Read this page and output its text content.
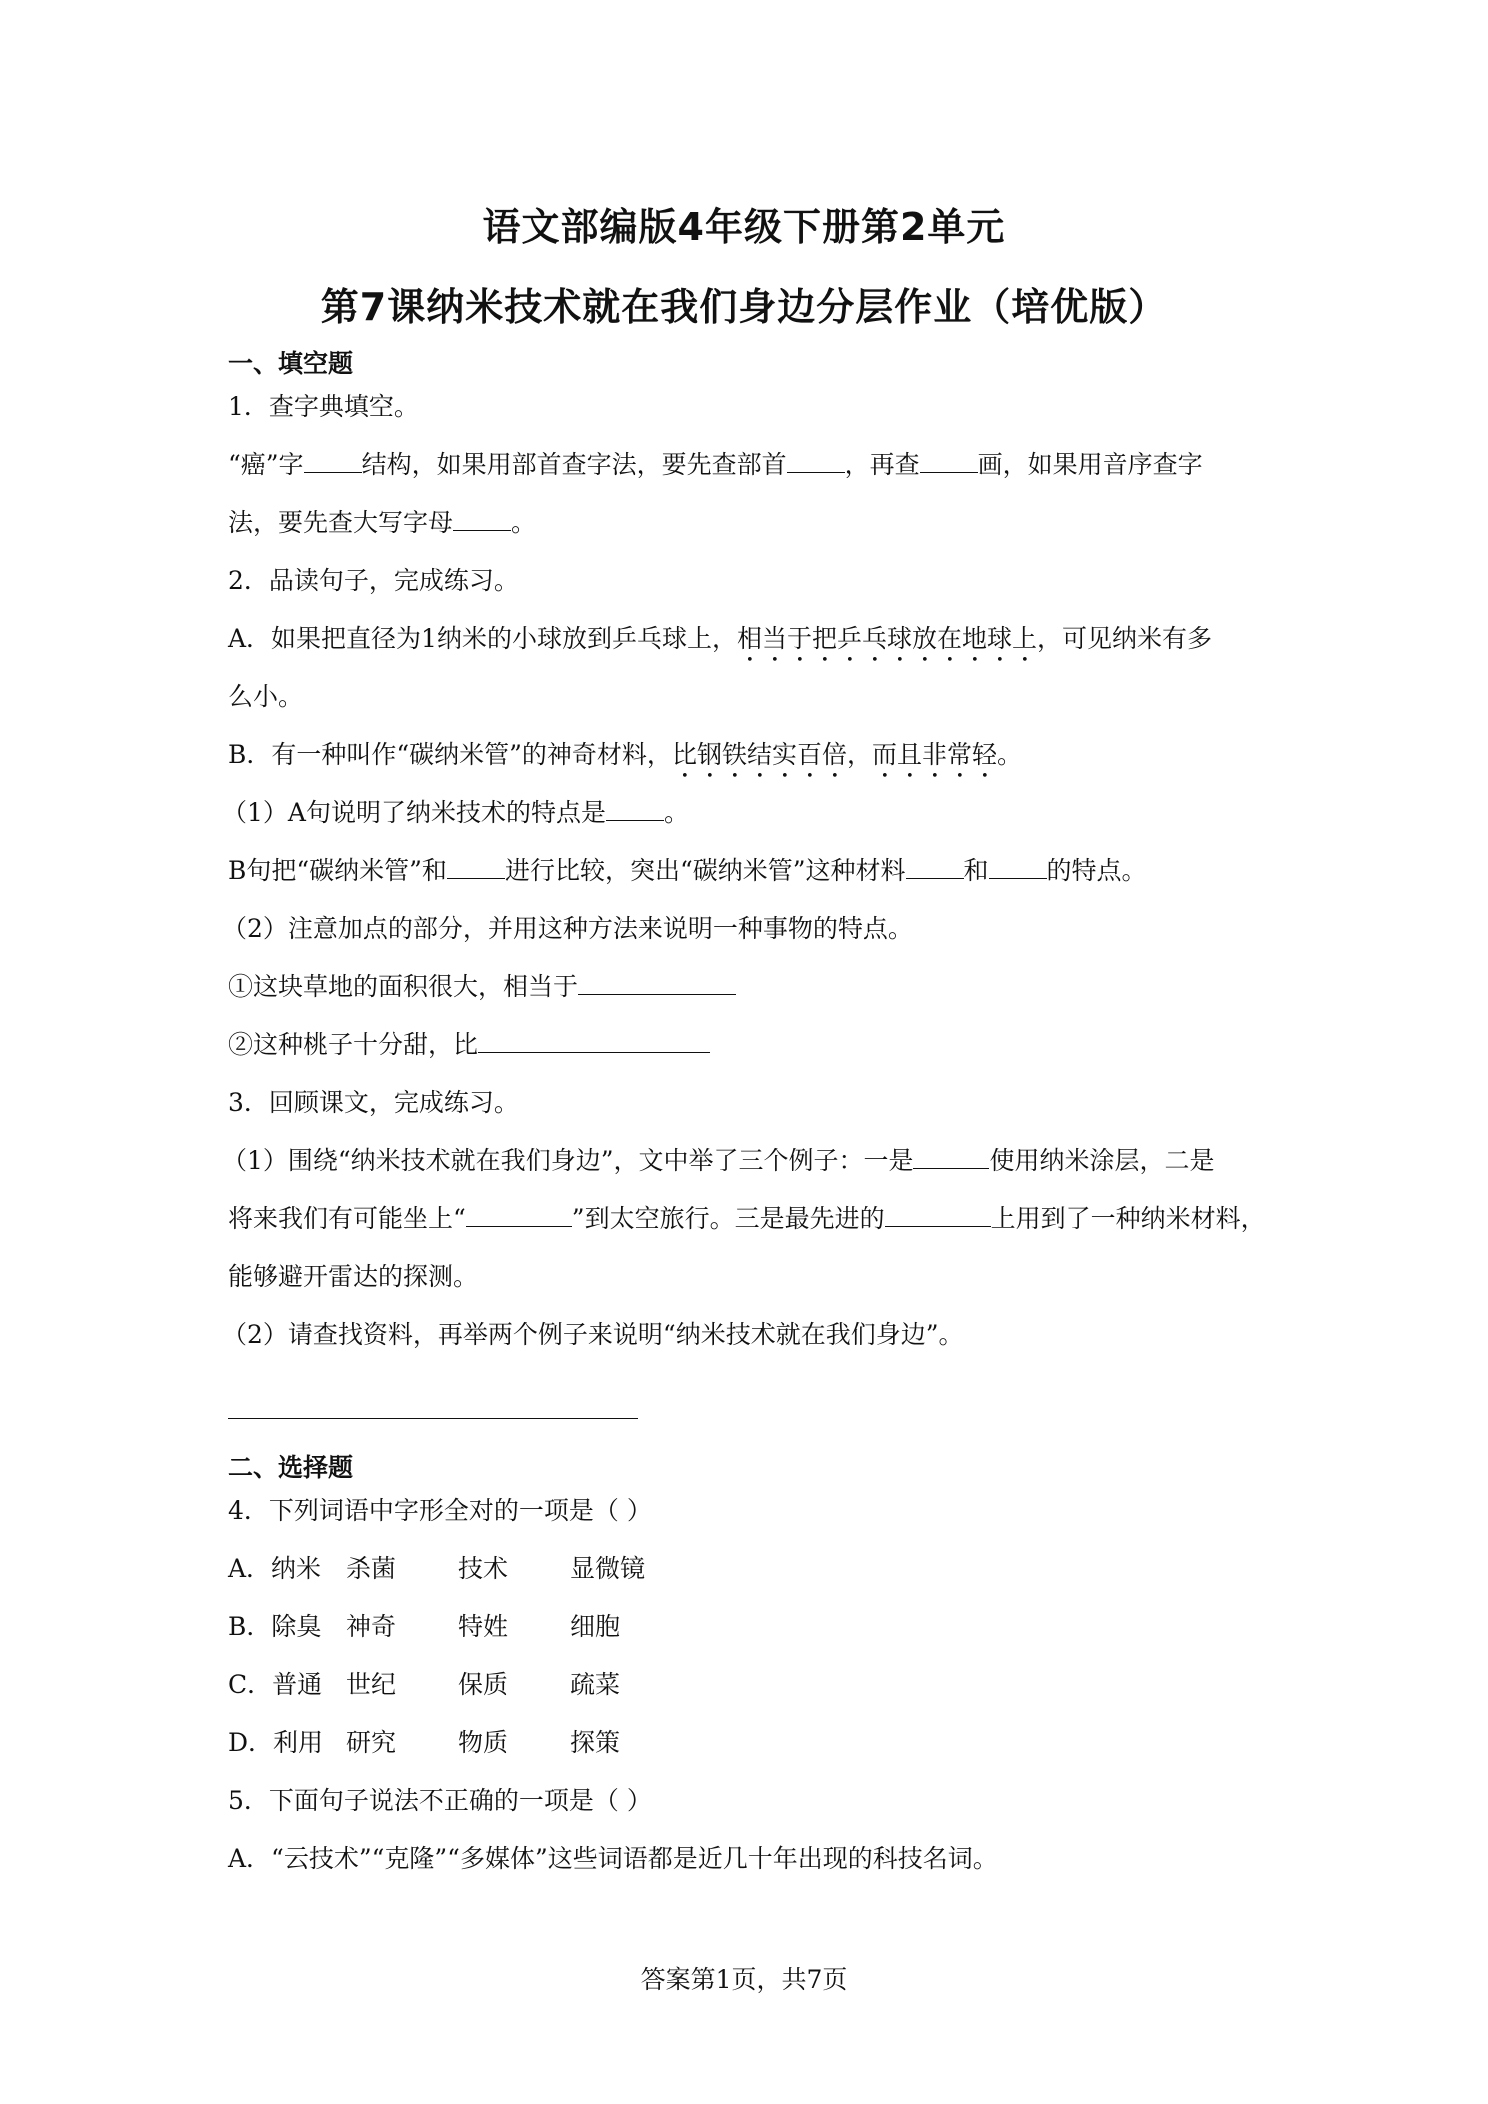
语文部编版4年级下册第2单元
第7课纳米技术就在我们身边分层作业（培优版）
一、填空题
1．查字典填空。
“癌”字 结构，如果用部首查字法，要先查部首 ，再查 画，如果用音序查字
法，要先查大写字母 。
2．品读句子，完成练习。
A．如果把直径为1纳米的小球放到乒乓球上，相当于把乒乓球放在地球上，可见纳米有多
么小。
B．有一种叫作“碳纳米管”的神奇材料，比钢铁结实百倍，而且非常轻。
（1）A句说明了纳米技术的特点是 。
B句把“碳纳米管”和 进行比较，突出“碳纳米管”这种材料 和 的特点。
（2）注意加点的部分，并用这种方法来说明一种事物的特点。
①这块草地的面积很大，相当于
②这种桃子十分甜，比
3．回顾课文，完成练习。
（1）围绕“纳米技术就在我们身边”，文中举了三个例子：一是	使用纳米涂层，二是
将来我们有可能坐上“	”到太空旅行。三是最先进的	上用到了一种纳米材料，
能够避开雷达的探测。
（2）请查找资料，再举两个例子来说明“纳米技术就在我们身边”。
二、选择题
4．下列词语中字形全对的一项是（ ）
A．纳米 杀菌 技术 显微镜
B．除臭 神奇 特姓 细胞
C．普通 世纪 保质 疏菜
D．利用 研究 物质 探策
5．下面句子说法不正确的一项是（ ）
A．“云技术”“克隆”“多媒体”这些词语都是近几十年出现的科技名词。
答案第1页，共7页
